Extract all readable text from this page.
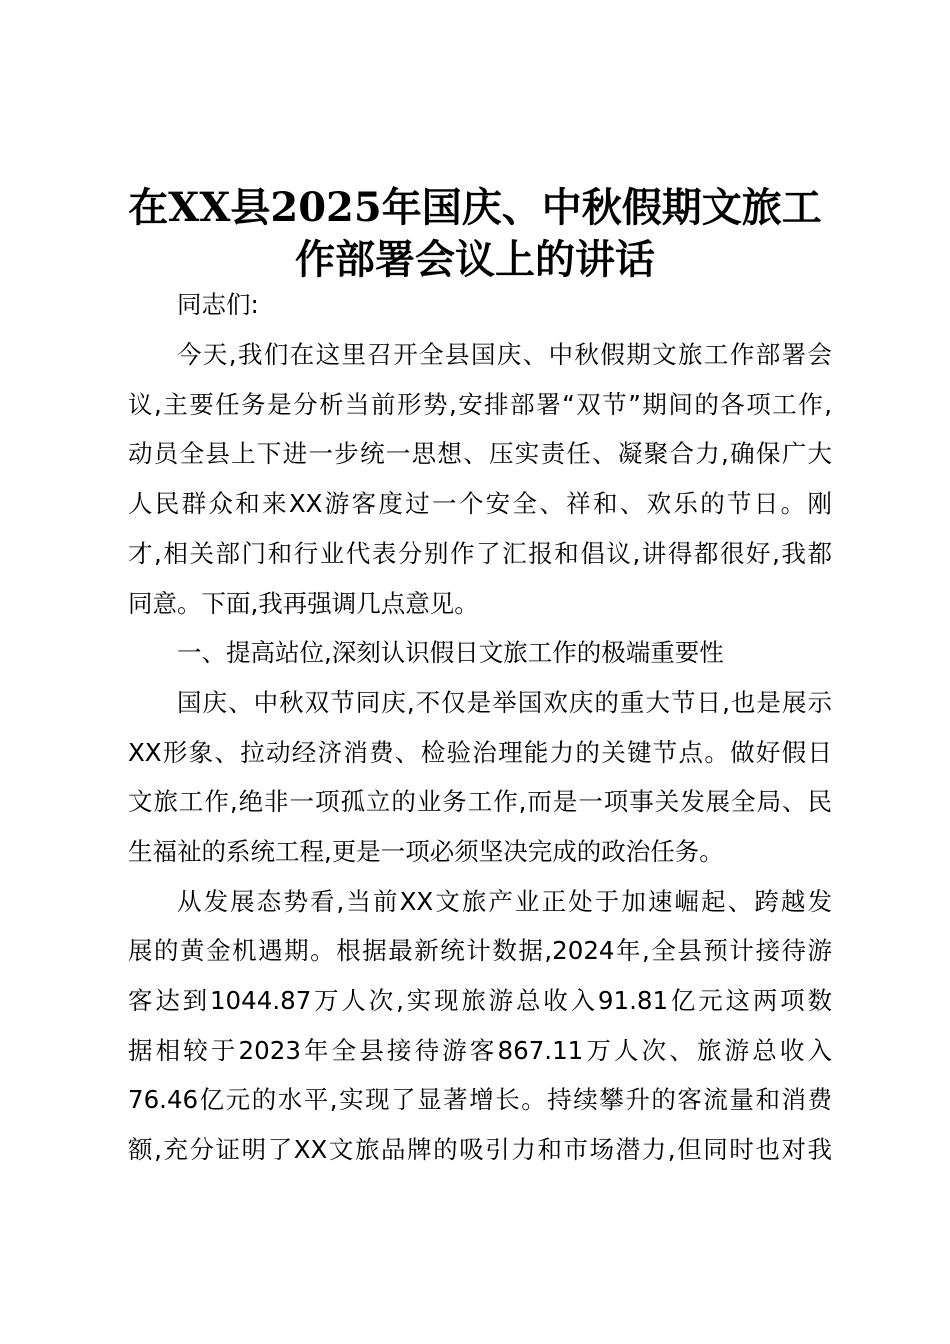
在XX县2025年国庆、中秋假期文旅工
作部署会议上的讲话

同志们:

今天,我们在这里召开全县国庆、中秋假期文旅工作部署会

议,主要任务是分析当前形势,安排部署“双节”期间的各项工作,

动员全县上下进一步统一思想、压实责任、凝聚合力,确保广大

人民群众和来XX游客度过一个安全、祥和、欢乐的节日。刚

才,相关部门和行业代表分别作了汇报和倡议,讲得都很好,我都

同意。下面,我再强调几点意见。

一、提高站位,深刻认识假日文旅工作的极端重要性

国庆、中秋双节同庆,不仅是举国欢庆的重大节日,也是展示

XX形象、拉动经济消费、检验治理能力的关键节点。做好假日

文旅工作,绝非一项孤立的业务工作,而是一项事关发展全局、民

生福祉的系统工程,更是一项必须坚决完成的政治任务。

从发展态势看,当前XX文旅产业正处于加速崛起、跨越发

展的黄金机遇期。根据最新统计数据,2024年,全县预计接待游

客达到1044.87万人次,实现旅游总收入91.81亿元这两项数

据相较于2023年全县接待游客867.11万人次、旅游总收入

76.46亿元的水平,实现了显著增长。持续攀升的客流量和消费

额,充分证明了XX文旅品牌的吸引力和市场潜力,但同时也对我
